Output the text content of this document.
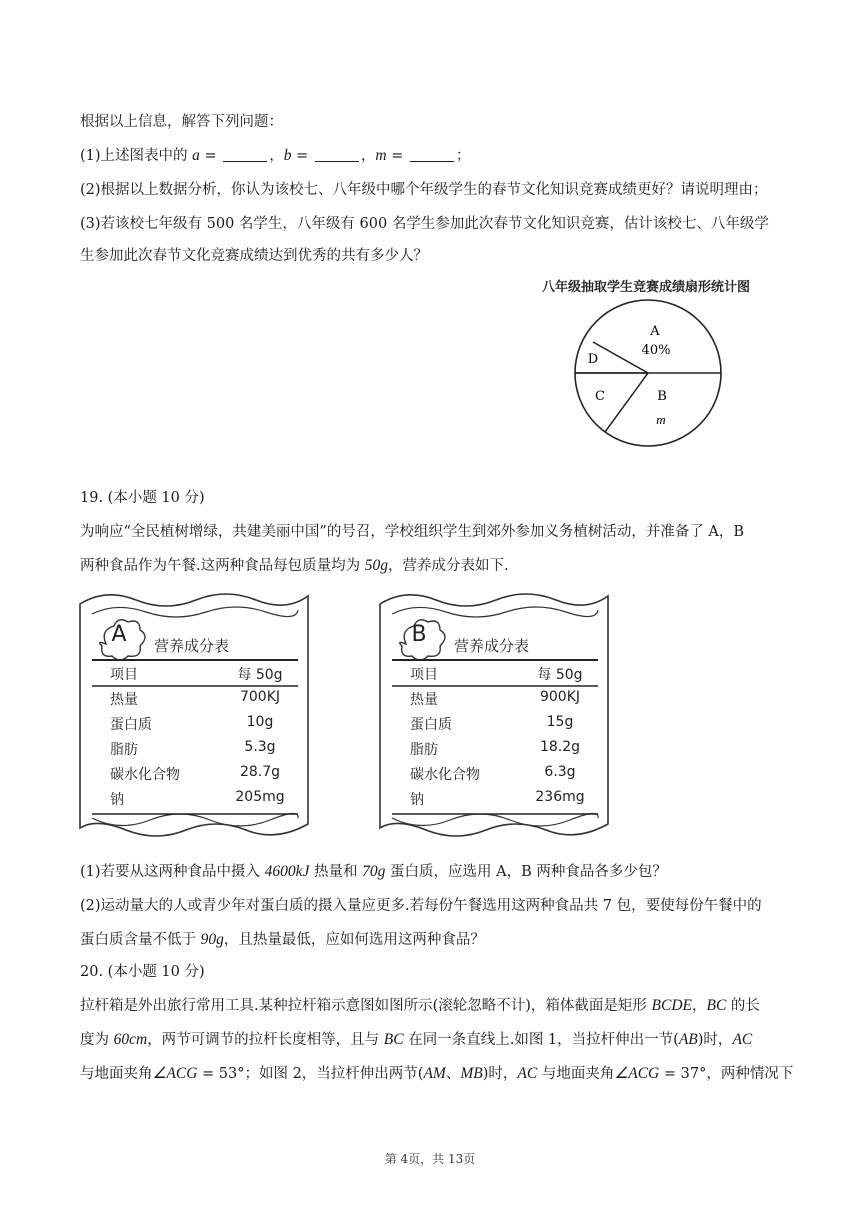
根据以上信息，解答下列问题：
(1)上述图表中的 a =	，b =	，m =	；
(2)根据以上数据分析，你认为该校七、八年级中哪个年级学生的春节文化知识竞赛成绩更好？请说明理由；
(3)若该校七年级有 500 名学生，八年级有 600 名学生参加此次春节文化知识竞赛，估计该校七、八年级学
生参加此次春节文化竞赛成绩达到优秀的共有多少人？
八年级抽取学生竞赛成绩扇形统计图
A
40%
B
m
C
D
19. (本小题 10 分)
为响应“全民植树增绿，共建美丽中国”的号召，学校组织学生到郊外参加义务植树活动，并准备了 A，B
两种食品作为午餐.这两种食品每包质量均为 50g，营养成分表如下.
A	营养成分表
项目	每 50g
热量	700KJ
蛋白质	10g
脂肪	5.3g
碳水化合物	28.7g
钠	205mg
B	营养成分表
项目	每 50g
热量	900KJ
蛋白质	15g
脂肪	18.2g
碳水化合物	6.3g
钠	236mg
(1)若要从这两种食品中摄入 4600kJ 热量和 70g 蛋白质，应选用 A，B 两种食品各多少包？
(2)运动量大的人或青少年对蛋白质的摄入量应更多.若每份午餐选用这两种食品共 7 包，要使每份午餐中的
蛋白质含量不低于 90g，且热量最低，应如何选用这两种食品？
20. (本小题 10 分)
拉杆箱是外出旅行常用工具.某种拉杆箱示意图如图所示(滚轮忽略不计)，箱体截面是矩形 BCDE，BC 的长
度为 60cm，两节可调节的拉杆长度相等，且与 BC 在同一条直线上.如图 1，当拉杆伸出一节(AB)时，AC
与地面夹角∠ACG = 53°；如图 2，当拉杆伸出两节(AM、MB)时，AC 与地面夹角∠ACG = 37°，两种情况下
第 4页，共 13页
